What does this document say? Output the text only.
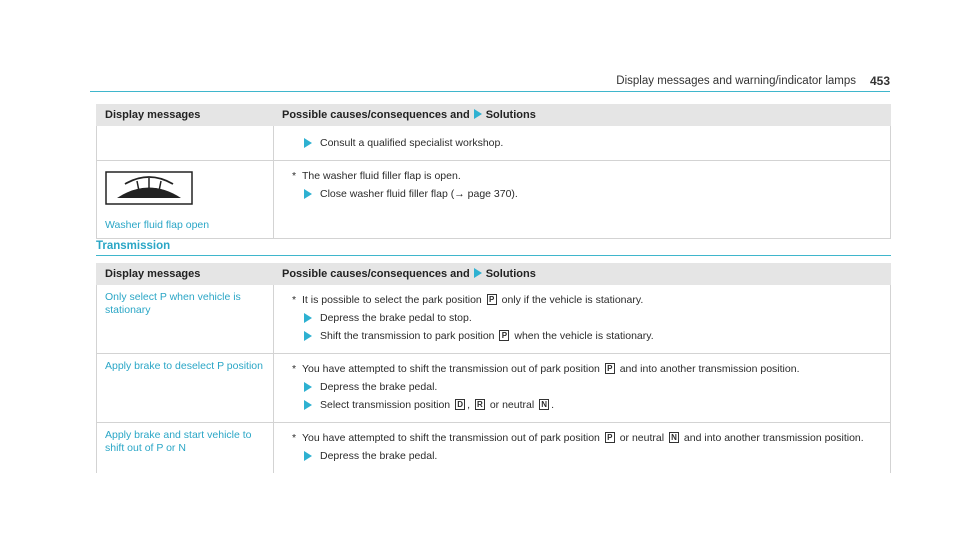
Display messages and warning/indicator lamps 453
Display messages	Possible causes/consequences and Solutions

Consult a qualified specialist workshop.

Washer fluid flap open	* The washer fluid filler flap is open.
Close washer fluid filler flap (→ page 370).
Transmission
Display messages	Possible causes/consequences and Solutions

Only select P when vehicle is stationary	* It is possible to select the park position P only if the vehicle is stationary.
Depress the brake pedal to stop.
Shift the transmission to park position P when the vehicle is stationary.

Apply brake to deselect P position	* You have attempted to shift the transmission out of park position P and into another transmission position.
Depress the brake pedal.
Select transmission position D , R or neutral N .

Apply brake and start vehicle to shift out of P or N	* You have attempted to shift the transmission out of park position P or neutral N and into another transmission position.
Depress the brake pedal.
